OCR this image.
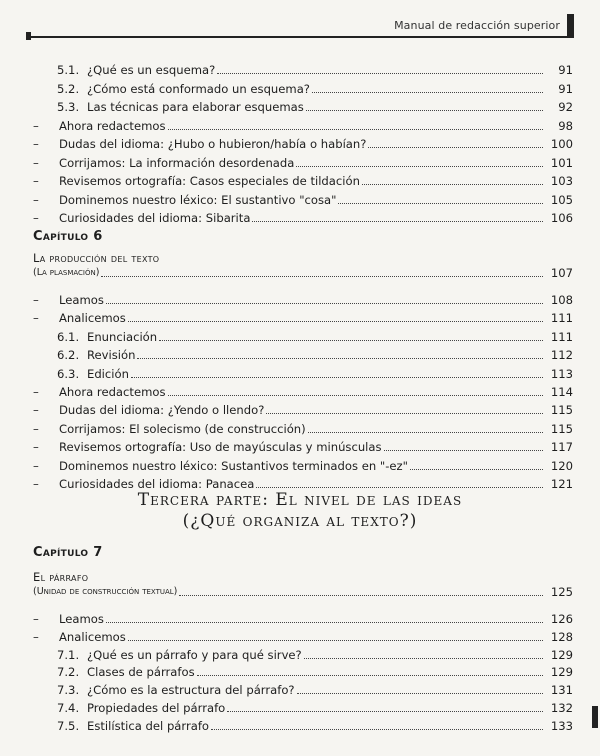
Manual de redacción superior
5.1. ¿Qué es un esquema?	91
5.2. ¿Cómo está conformado un esquema?	91
5.3. Las técnicas para elaborar esquemas	92
–	Ahora redactemos	98
–	Dudas del idioma: ¿Hubo o hubieron/había o habían?	100
–	Corrijamos: La información desordenada	101
–	Revisemos ortografía: Casos especiales de tildación	103
–	Dominemos nuestro léxico: El sustantivo "cosa"	105
–	Curiosidades del idioma: Sibarita	106
Capítulo 6
La producción del texto
(La plasmación)	107
–	Leamos	108
–	Analicemos	111
6.1. Enunciación	111
6.2. Revisión	112
6.3. Edición	113
–	Ahora redactemos	114
–	Dudas del idioma: ¿Yendo o llendo?	115
–	Corrijamos: El solecismo (de construcción)	115
–	Revisemos ortografía: Uso de mayúsculas y minúsculas	117
–	Dominemos nuestro léxico: Sustantivos terminados en "-ez"	120
–	Curiosidades del idioma: Panacea	121
Tercera parte: El nivel de las ideas
(¿Qué organiza al texto?)
Capítulo 7
El párrafo
(Unidad de construcción textual)	125
–	Leamos	126
–	Analicemos	128
7.1. ¿Qué es un párrafo y para qué sirve?	129
7.2. Clases de párrafos	129
7.3. ¿Cómo es la estructura del párrafo?	131
7.4. Propiedades del párrafo	132
7.5. Estilística del párrafo	133
